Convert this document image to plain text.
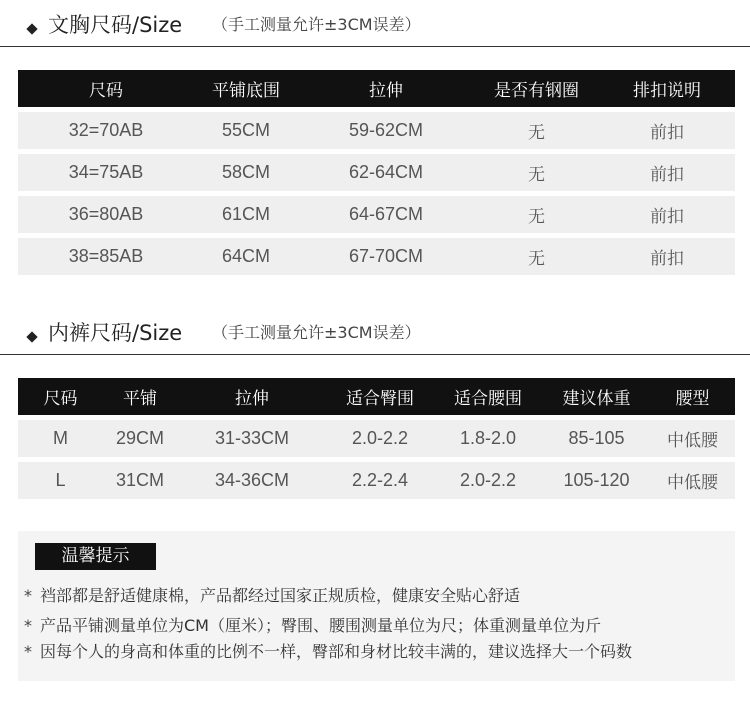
文胸尺码/Size （手工测量允许±3CM误差）
尺码	平铺底围	拉伸	是否有钢圈	排扣说明
32=70AB	55CM	59-62CM	无	前扣
34=75AB	58CM	62-64CM	无	前扣
36=80AB	61CM	64-67CM	无	前扣
38=85AB	64CM	67-70CM	无	前扣
内裤尺码/Size （手工测量允许±3CM误差）
尺码	平铺	拉伸	适合臀围	适合腰围	建议体重	腰型
M	29CM	31-33CM	2.0-2.2	1.8-2.0	85-105	中低腰
L	31CM	34-36CM	2.2-2.4	2.0-2.2	105-120	中低腰
温馨提示
* 裆部都是舒适健康棉，产品都经过国家正规质检，健康安全贴心舒适
* 产品平铺测量单位为CM（厘米）；臀围、腰围测量单位为尺；体重测量单位为斤
* 因每个人的身高和体重的比例不一样，臀部和身材比较丰满的，建议选择大一个码数
